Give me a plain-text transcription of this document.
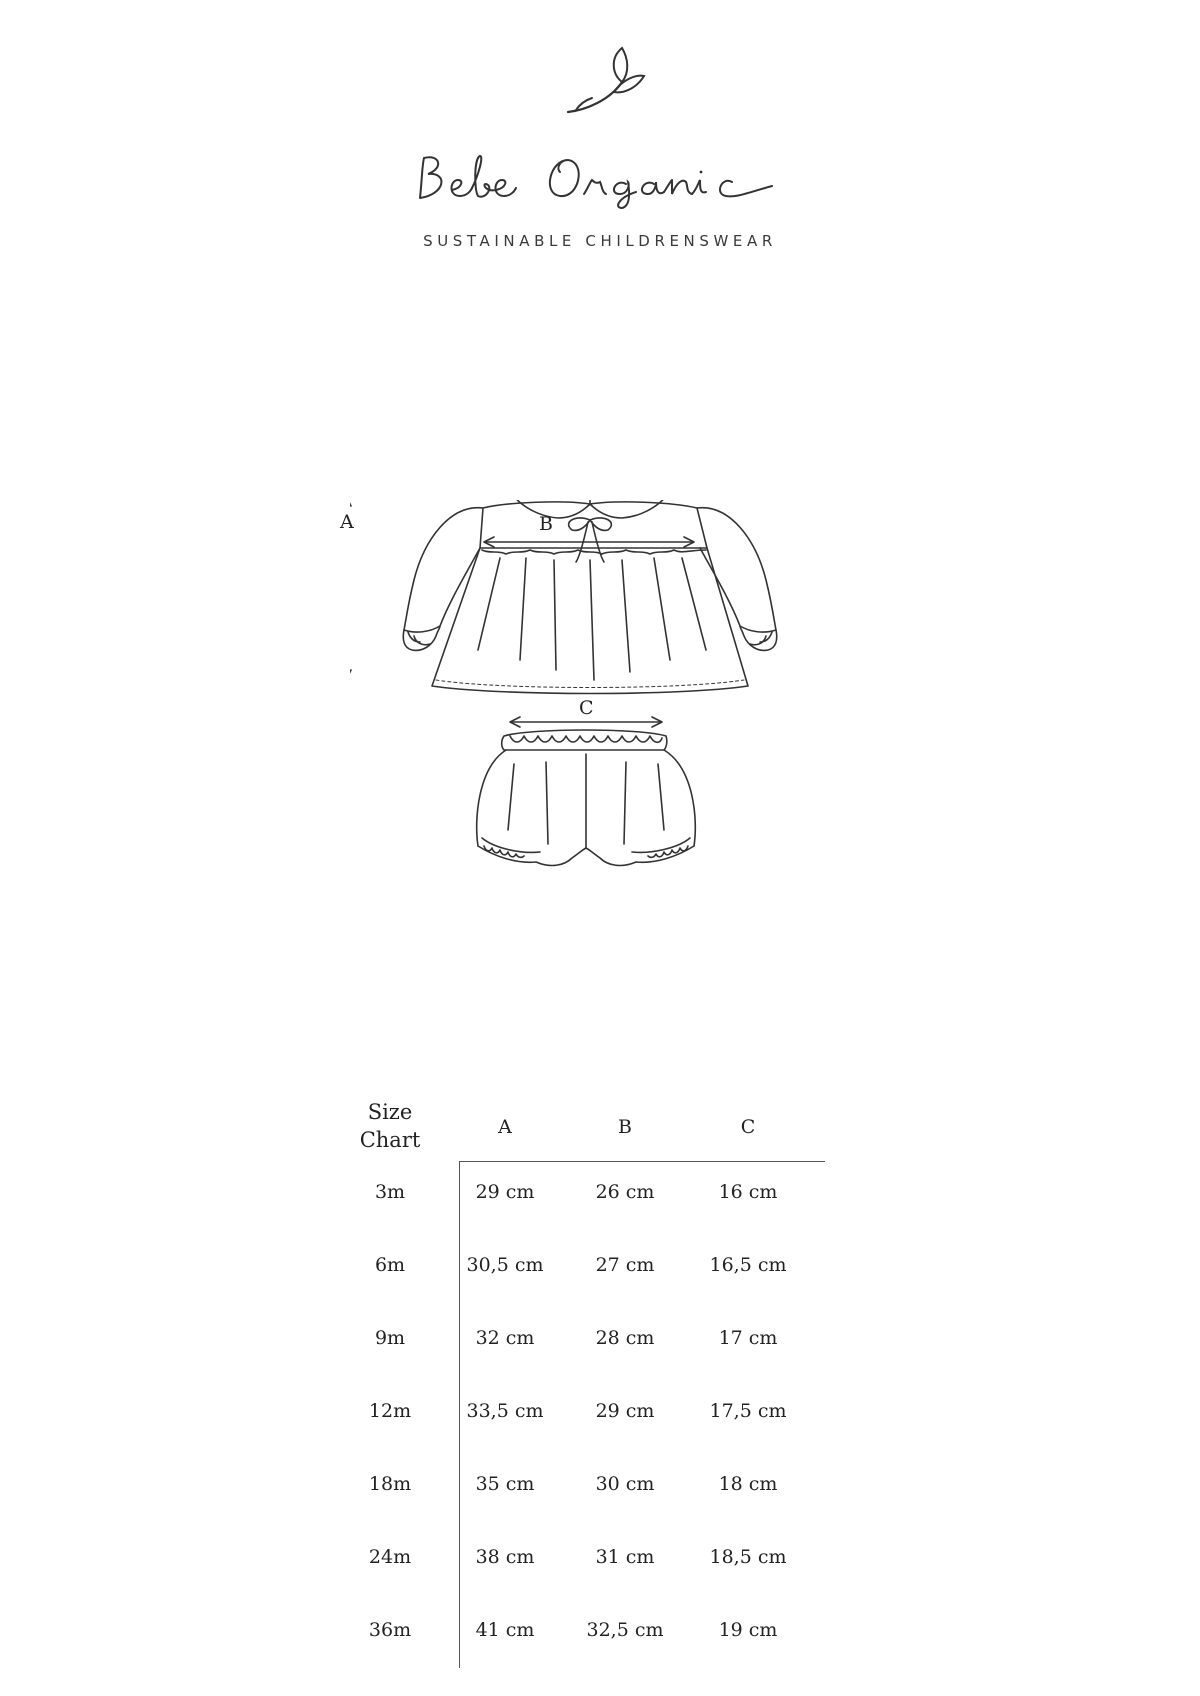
SUSTAINABLE CHILDRENSWEAR
A	B
C
Size
Chart
A	B	C
3m	29 cm	26 cm	16 cm
6m	30,5 cm	27 cm	16,5 cm
9m	32 cm	28 cm	17 cm
12m	33,5 cm	29 cm	17,5 cm
18m	35 cm	30 cm	18 cm
24m	38 cm	31 cm	18,5 cm
36m	41 cm	32,5 cm	19 cm
